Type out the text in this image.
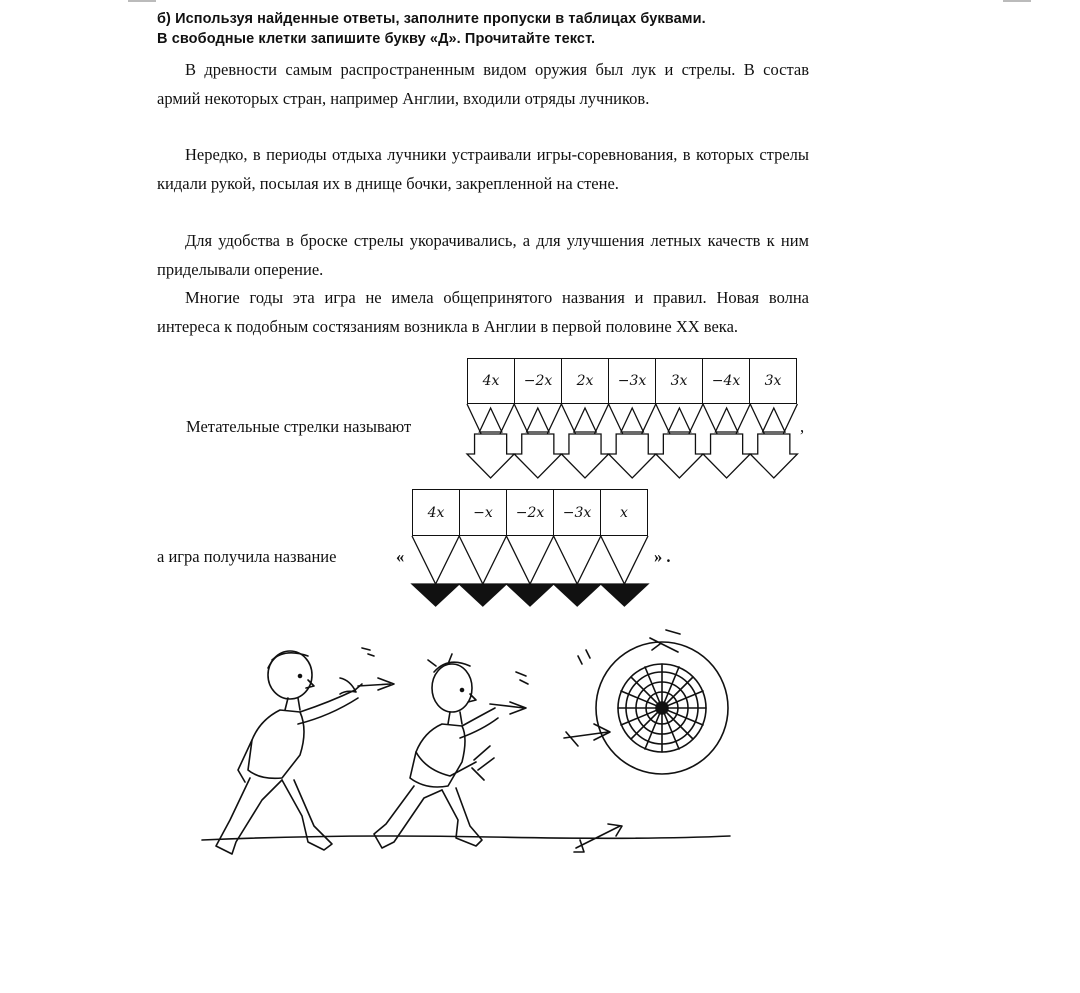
б) Используя найденные ответы, заполните пропуски в таблицах буквами.
В свободные клетки запишите букву «Д». Прочитайте текст.
В древности самым распространенным видом оружия был лук и стрелы. В состав армий некоторых стран, например Англии, входили отряды лучников.
Нередко, в периоды отдыха лучники устраивали игры-соревнования, в которых стрелы кидали рукой, посылая их в днище бочки, закрепленной на стене.
Для удобства в броске стрелы укорачивались, а для улучшения летных качеств к ним приделывали оперение.
Многие годы эта игра не имела общепринятого названия и правил. Новая волна интереса к подобным состязаниям возникла в Англии в первой половине XX века.
Метательные стрелки называют	,
4x	−2x	2x	−3x	3x	−4x	3x
а игра получила название	«
4x	−x	−2x	−3x	x
» .
